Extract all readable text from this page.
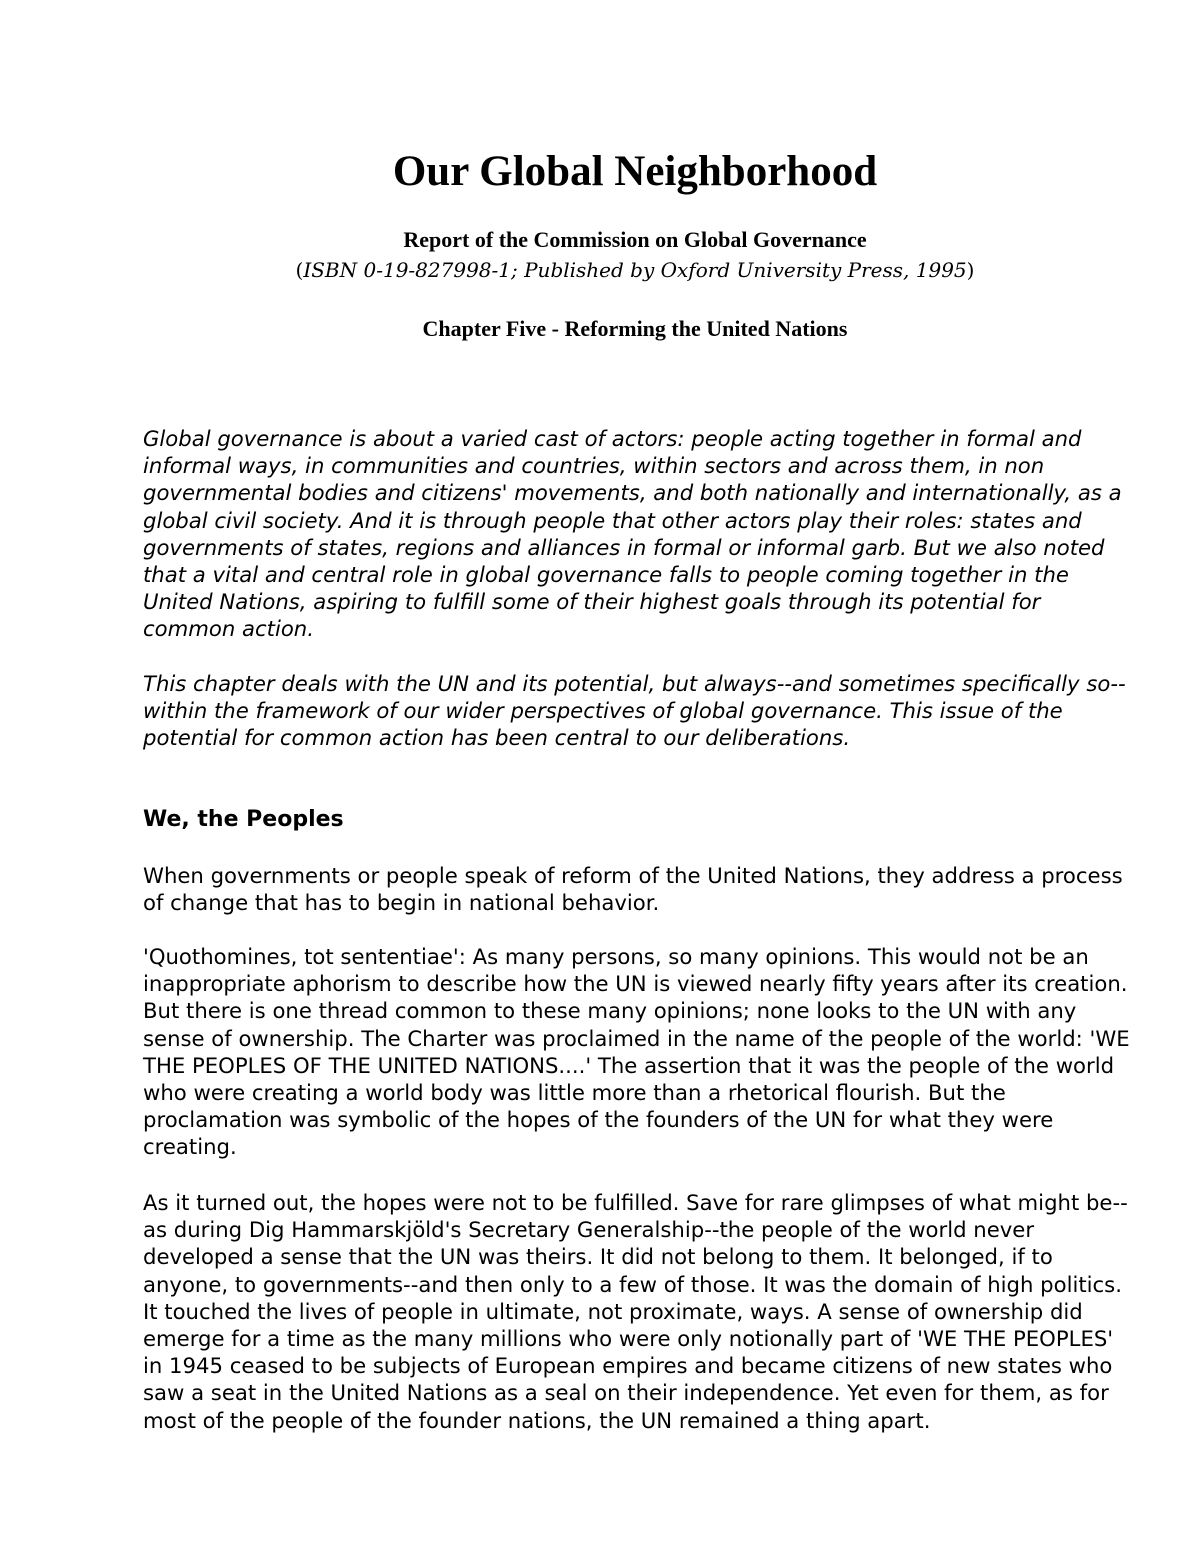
Our Global Neighborhood
Report of the Commission on Global Governance

(ISBN 0-19-827998-1; Published by Oxford University Press, 1995)

Chapter Five - Reforming the United Nations

Global governance is about a varied cast of actors: people acting together in formal and informal ways, in communities and countries, within sectors and across them, in non governmental bodies and citizens' movements, and both nationally and internationally, as a global civil society. And it is through people that other actors play their roles: states and governments of states, regions and alliances in formal or informal garb. But we also noted that a vital and central role in global governance falls to people coming together in the United Nations, aspiring to fulfill some of their highest goals through its potential for common action.

This chapter deals with the UN and its potential, but always--and sometimes specifically so--within the framework of our wider perspectives of global governance. This issue of the potential for common action has been central to our deliberations.

We, the Peoples

When governments or people speak of reform of the United Nations, they address a process of change that has to begin in national behavior.

'Quothomines, tot sententiae': As many persons, so many opinions. This would not be an inappropriate aphorism to describe how the UN is viewed nearly fifty years after its creation. But there is one thread common to these many opinions; none looks to the UN with any sense of ownership. The Charter was proclaimed in the name of the people of the world: 'WE THE PEOPLES OF THE UNITED NATIONS....' The assertion that it was the people of the world who were creating a world body was little more than a rhetorical flourish. But the proclamation was symbolic of the hopes of the founders of the UN for what they were creating.

As it turned out, the hopes were not to be fulfilled. Save for rare glimpses of what might be--as during Dig Hammarskjöld's Secretary Generalship--the people of the world never developed a sense that the UN was theirs. It did not belong to them. It belonged, if to anyone, to governments--and then only to a few of those. It was the domain of high politics. It touched the lives of people in ultimate, not proximate, ways. A sense of ownership did emerge for a time as the many millions who were only notionally part of 'WE THE PEOPLES' in 1945 ceased to be subjects of European empires and became citizens of new states who saw a seat in the United Nations as a seal on their independence. Yet even for them, as for most of the people of the founder nations, the UN remained a thing apart.
